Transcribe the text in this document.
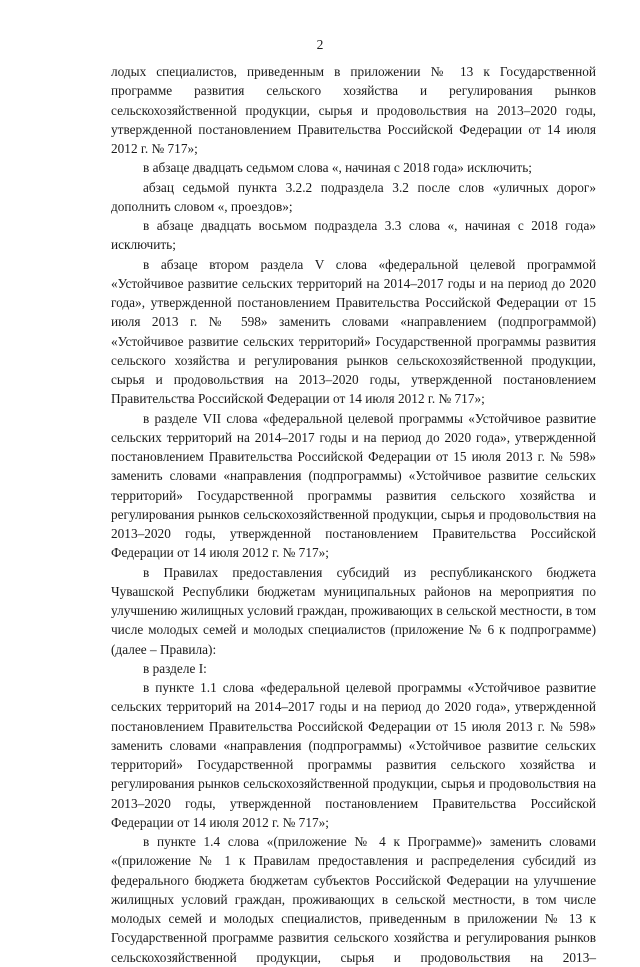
2

лодых специалистов, приведенным в приложении № 13 к Государственной программе развития сельского хозяйства и регулирования рынков сельскохозяйственной продукции, сырья и продовольствия на 2013–2020 годы, утвержденной постановлением Правительства Российской Федерации от 14 июля 2012 г. № 717»;

в абзаце двадцать седьмом слова «, начиная с 2018 года» исключить;

абзац седьмой пункта 3.2.2 подраздела 3.2 после слов «уличных дорог» дополнить словом «, проездов»;

в абзаце двадцать восьмом подраздела 3.3 слова «, начиная с 2018 года» исключить;

в абзаце втором раздела V слова «федеральной целевой программой «Устойчивое развитие сельских территорий на 2014–2017 годы и на период до 2020 года», утвержденной постановлением Правительства Российской Федерации от 15 июля 2013 г. № 598» заменить словами «направлением (подпрограммой) «Устойчивое развитие сельских территорий» Государственной программы развития сельского хозяйства и регулирования рынков сельскохозяйственной продукции, сырья и продовольствия на 2013–2020 годы, утвержденной постановлением Правительства Российской Федерации от 14 июля 2012 г. № 717»;

в разделе VII слова «федеральной целевой программы «Устойчивое развитие сельских территорий на 2014–2017 годы и на период до 2020 года», утвержденной постановлением Правительства Российской Федерации от 15 июля 2013 г. № 598» заменить словами «направления (подпрограммы) «Устойчивое развитие сельских территорий» Государственной программы развития сельского хозяйства и регулирования рынков сельскохозяйственной продукции, сырья и продовольствия на 2013–2020 годы, утвержденной постановлением Правительства Российской Федерации от 14 июля 2012 г. № 717»;

в Правилах предоставления субсидий из республиканского бюджета Чувашской Республики бюджетам муниципальных районов на мероприятия по улучшению жилищных условий граждан, проживающих в сельской местности, в том числе молодых семей и молодых специалистов (приложение № 6 к подпрограмме) (далее – Правила):

в разделе I:

в пункте 1.1 слова «федеральной целевой программы «Устойчивое развитие сельских территорий на 2014–2017 годы и на период до 2020 года», утвержденной постановлением Правительства Российской Федерации от 15 июля 2013 г. № 598» заменить словами «направления (подпрограммы) «Устойчивое развитие сельских территорий» Государственной программы развития сельского хозяйства и регулирования рынков сельскохозяйственной продукции, сырья и продовольствия на 2013–2020 годы, утвержденной постановлением Правительства Российской Федерации от 14 июля 2012 г. № 717»;

в пункте 1.4 слова «(приложение № 4 к Программе)» заменить словами «(приложение № 1 к Правилам предоставления и распределения субсидий из федерального бюджета бюджетам субъектов Российской Федерации на улучшение жилищных условий граждан, проживающих в сельской местности, в том числе молодых семей и молодых специалистов, приведенным в приложении № 13 к Государственной программе развития сельского хозяйства и регулирования рынков сельскохозяйственной продукции, сырья и продовольствия на 2013–
